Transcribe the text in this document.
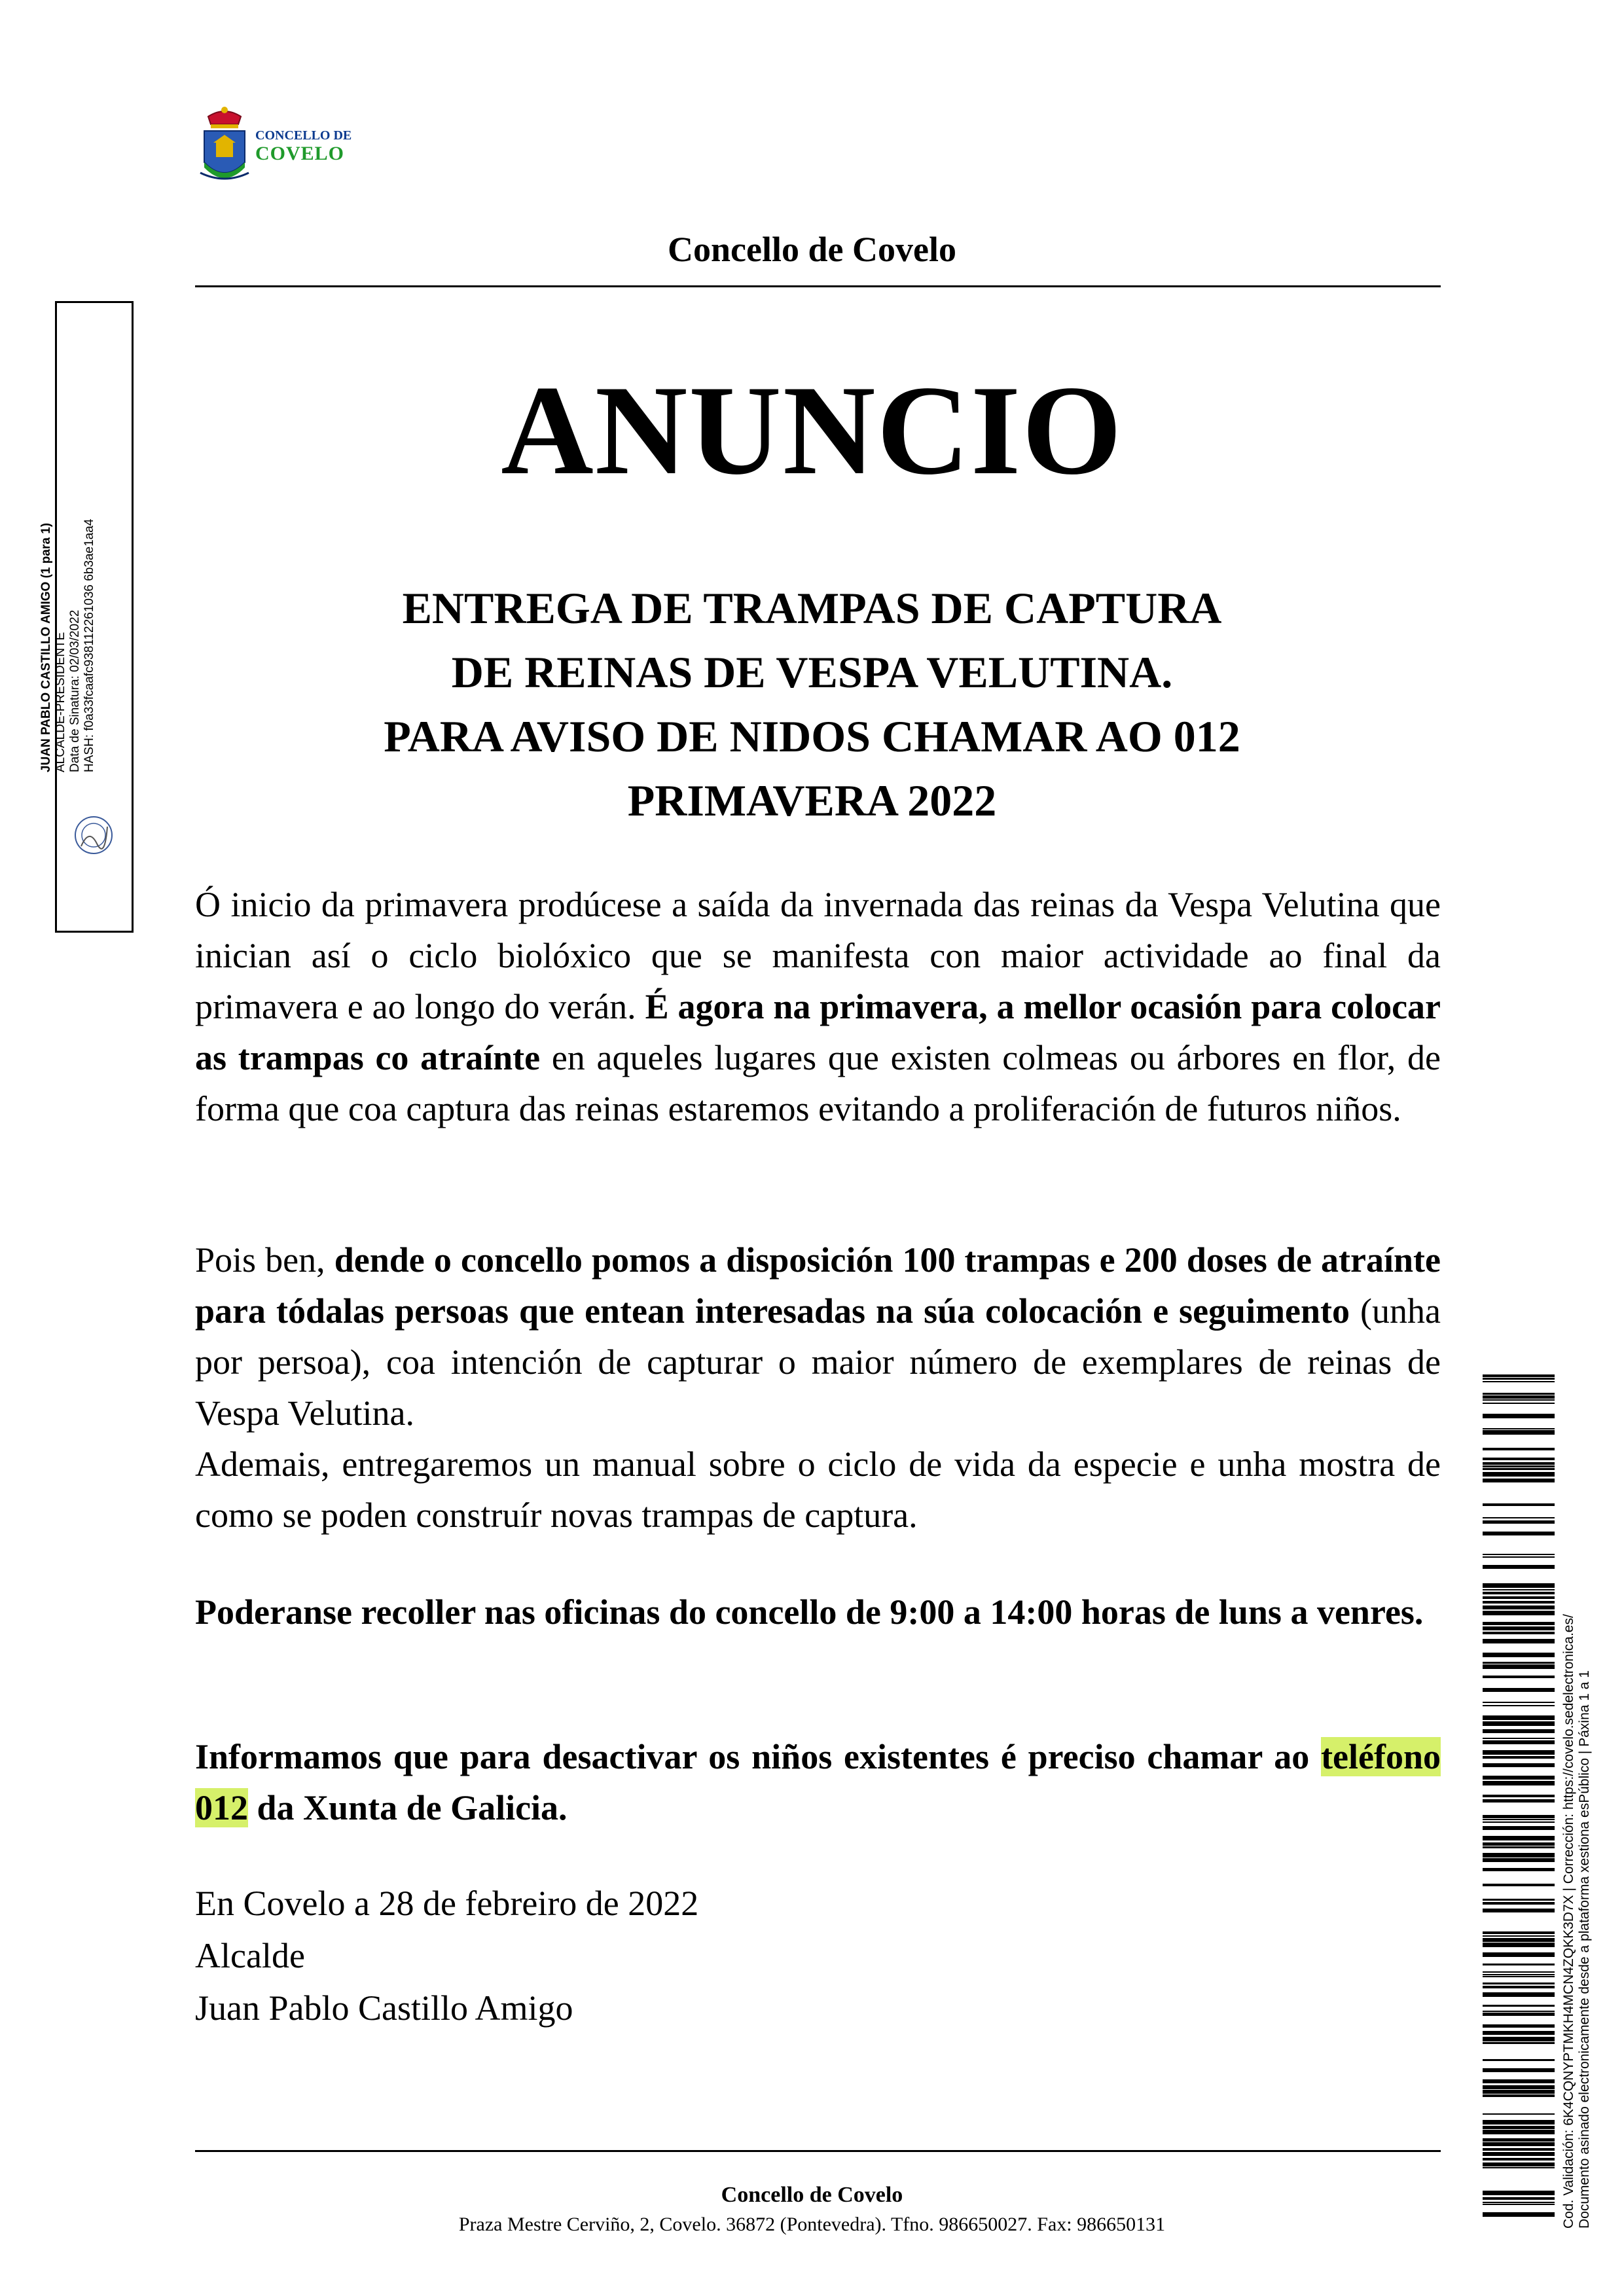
CONCELLO DE
COVELO
Concello de Covelo
ANUNCIO
ENTREGA DE TRAMPAS DE CAPTURA
DE REINAS DE VESPA VELUTINA.
PARA AVISO DE NIDOS CHAMAR AO 012
PRIMAVERA 2022
Ó inicio da primavera prodúcese a saída da invernada das reinas da Vespa Velutina que inician así o ciclo biolóxico que se manifesta con maior actividade ao final da primavera e ao longo do verán. É agora na primavera, a mellor ocasión para colocar as trampas co atraínte en aqueles lugares que existen colmeas ou árbores en flor, de forma que coa captura das reinas estaremos evitando a proliferación de futuros niños.
Pois ben, dende o concello pomos a disposición 100 trampas e 200 doses de atraínte para tódalas persoas que entean interesadas na súa colocación e seguimento (unha por persoa), coa intención de capturar o maior número de exemplares de reinas de Vespa Velutina.
Ademais, entregaremos un manual sobre o ciclo de vida da especie e unha mostra de como se poden construír novas trampas de captura.
Poderanse recoller nas oficinas do concello de 9:00 a 14:00 horas de luns a venres.
Informamos que para desactivar os niños existentes é preciso chamar ao teléfono 012 da Xunta de Galicia.
En Covelo a 28 de febreiro de 2022
Alcalde
Juan Pablo Castillo Amigo
Concello de Covelo
Praza Mestre Cerviño, 2, Covelo. 36872 (Pontevedra). Tfno. 986650027. Fax: 986650131
JUAN PABLO CASTILLO AMIGO (1 para 1) ALCALDE-PRESIDENTE Data de Sinatura: 02/03/2022 HASH: f0a33fcaafc938112261036 6b3ae1aa4
Cod. Validación: 6K4CQNYPTMKH4MCN4ZQKK3D7X | Corrección: https://covelo.sedelectronica.es/ Documento asinado electronicamente desde a plataforma xestiona esPúblico | Páxina 1 a 1
